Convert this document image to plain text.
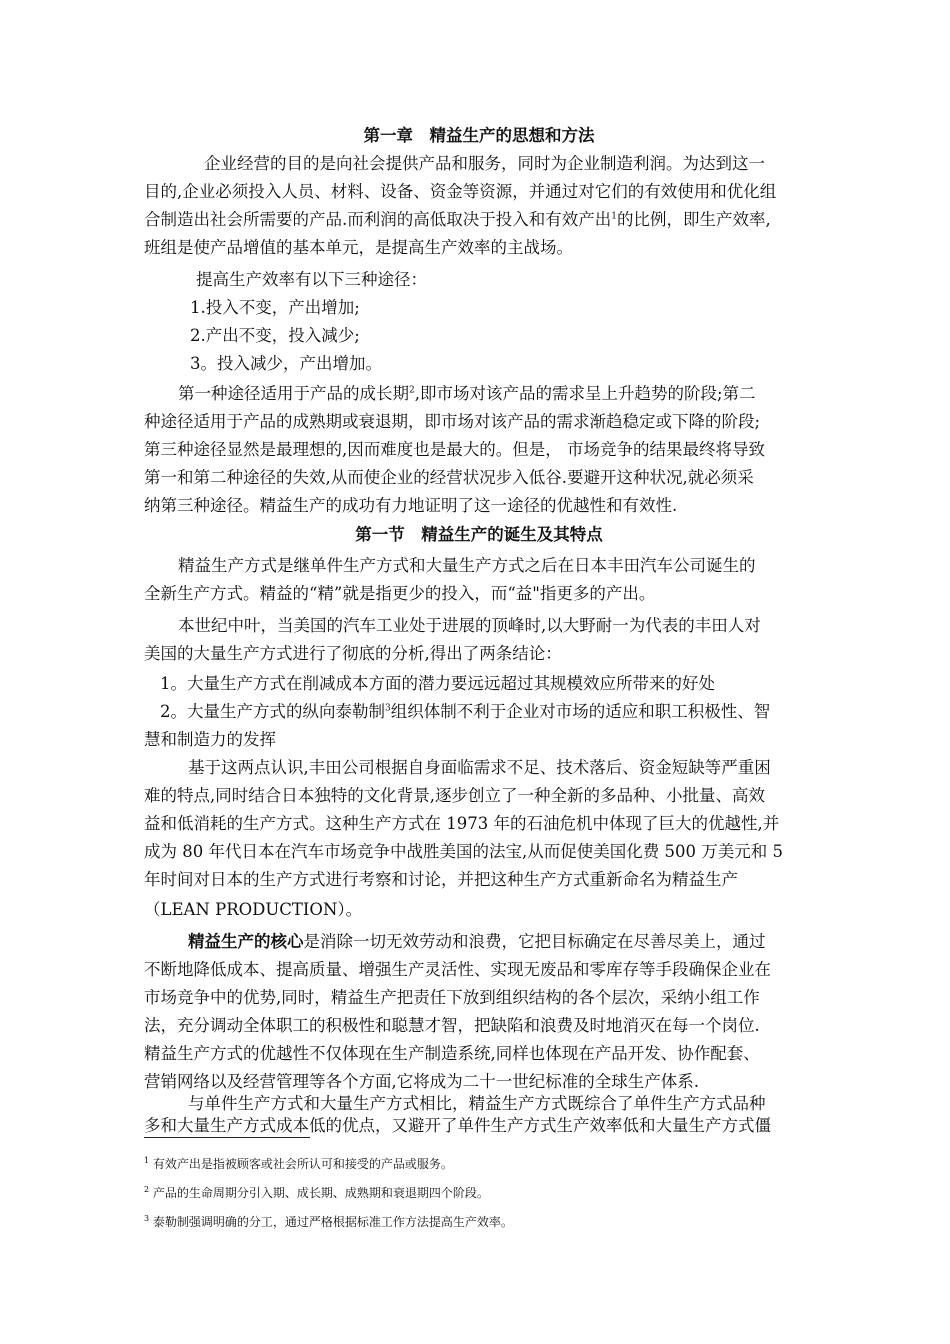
第一章　精益生产的思想和方法
企业经营的目的是向社会提供产品和服务，同时为企业制造利润。为达到这一
目的,企业必须投入人员、材料、设备、资金等资源，并通过对它们的有效使用和优化组
合制造出社会所需要的产品.而利润的高低取决于投入和有效产出$^1$的比例，即生产效率,
班组是使产品增值的基本单元，是提高生产效率的主战场。
提高生产效率有以下三种途径：
1.投入不变，产出增加;
2.产出不变，投入减少;
3。投入减少，产出增加。
第一种途径适用于产品的成长期$^2$,即市场对该产品的需求呈上升趋势的阶段;第二
种途径适用于产品的成熟期或衰退期，即市场对该产品的需求渐趋稳定或下降的阶段;
第三种途径显然是最理想的,因而难度也是最大的。但是， 市场竞争的结果最终将导致
第一和第二种途径的失效,从而使企业的经营状况步入低谷.要避开这种状况,就必须采
纳第三种途径。精益生产的成功有力地证明了这一途径的优越性和有效性.
第一节　精益生产的诞生及其特点
精益生产方式是继单件生产方式和大量生产方式之后在日本丰田汽车公司诞生的
全新生产方式。精益的“精”就是指更少的投入，而“益"指更多的产出。
本世纪中叶，当美国的汽车工业处于进展的顶峰时,以大野耐一为代表的丰田人对
美国的大量生产方式进行了彻底的分析,得出了两条结论：
1。大量生产方式在削减成本方面的潜力要远远超过其规模效应所带来的好处
2。大量生产方式的纵向泰勒制$^3$组织体制不利于企业对市场的适应和职工积极性、智
慧和制造力的发挥
基于这两点认识,丰田公司根据自身面临需求不足、技术落后、资金短缺等严重困
难的特点,同时结合日本独特的文化背景,逐步创立了一种全新的多品种、小批量、高效
益和低消耗的生产方式。这种生产方式在 1973 年的石油危机中体现了巨大的优越性,并
成为 80 年代日本在汽车市场竞争中战胜美国的法宝,从而促使美国化费 500 万美元和 5
年时间对日本的生产方式进行考察和讨论，并把这种生产方式重新命名为精益生产
（LEAN PRODUCTION）。
精益生产的核心是消除一切无效劳动和浪费，它把目标确定在尽善尽美上，通过
不断地降低成本、提高质量、增强生产灵活性、实现无废品和零库存等手段确保企业在
市场竞争中的优势,同时，精益生产把责任下放到组织结构的各个层次，采纳小组工作
法，充分调动全体职工的积极性和聪慧才智，把缺陷和浪费及时地消灭在每一个岗位.
精益生产方式的优越性不仅体现在生产制造系统,同样也体现在产品开发、协作配套、
营销网络以及经营管理等各个方面,它将成为二十一世纪标准的全球生产体系.
与单件生产方式和大量生产方式相比，精益生产方式既综合了单件生产方式品种
多和大量生产方式成本低的优点，又避开了单件生产方式生产效率低和大量生产方式僵
$^1$ 有效产出是指被顾客或社会所认可和接受的产品或服务。
$^2$ 产品的生命周期分引入期、成长期、成熟期和衰退期四个阶段。
$^3$ 泰勒制强调明确的分工，通过严格根据标准工作方法提高生产效率。
